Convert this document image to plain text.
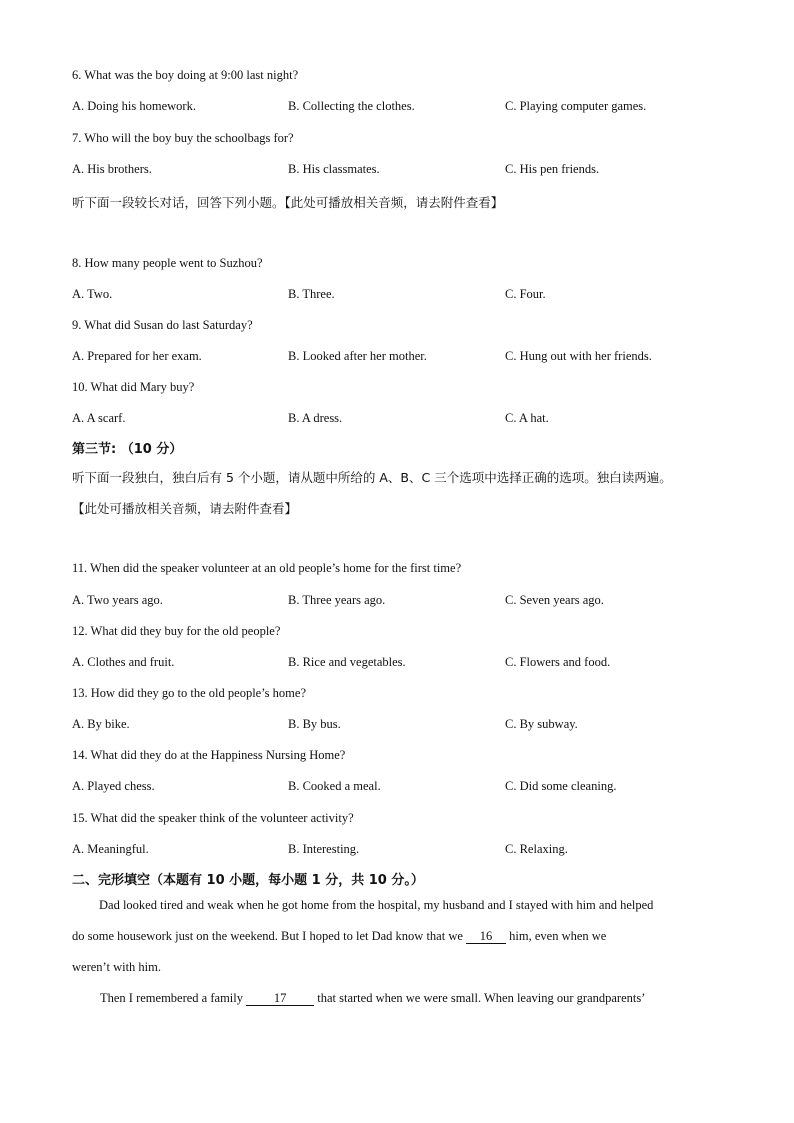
6. What was the boy doing at 9:00 last night?
A. Doing his homework.	B. Collecting the clothes.	C. Playing computer games.
7. Who will the boy buy the schoolbags for?
A. His brothers.	B. His classmates.	C. His pen friends.
听下面一段较长对话，回答下列小题。【此处可播放相关音频，请去附件查看】
8. How many people went to Suzhou?
A. Two.	B. Three.	C. Four.
9. What did Susan do last Saturday?
A. Prepared for her exam.	B. Looked after her mother.	C. Hung out with her friends.
10. What did Mary buy?
A. A scarf.	B. A dress.	C. A hat.
第三节: （10 分）
听下面一段独白，独白后有 5 个小题，请从题中所给的 A、B、C 三个选项中选择正确的选项。独白读两遍。
【此处可播放相关音频，请去附件查看】
11. When did the speaker volunteer at an old people’s home for the first time?
A. Two years ago.	B. Three years ago.	C. Seven years ago.
12. What did they buy for the old people?
A. Clothes and fruit.	B. Rice and vegetables.	C. Flowers and food.
13. How did they go to the old people’s home?
A. By bike.	B. By bus.	C. By subway.
14. What did they do at the Happiness Nursing Home?
A. Played chess.	B. Cooked a meal.	C. Did some cleaning.
15. What did the speaker think of the volunteer activity?
A. Meaningful.	B. Interesting.	C. Relaxing.
二、完形填空（本题有 10 小题，每小题 1 分，共 10 分。）
Dad looked tired and weak when he got home from the hospital, my husband and I stayed with him and helped
do some housework just on the weekend. But I hoped to let Dad know that we 16 him, even when we
weren’t with him.
Then I remembered a family 17 that started when we were small. When leaving our grandparents’
